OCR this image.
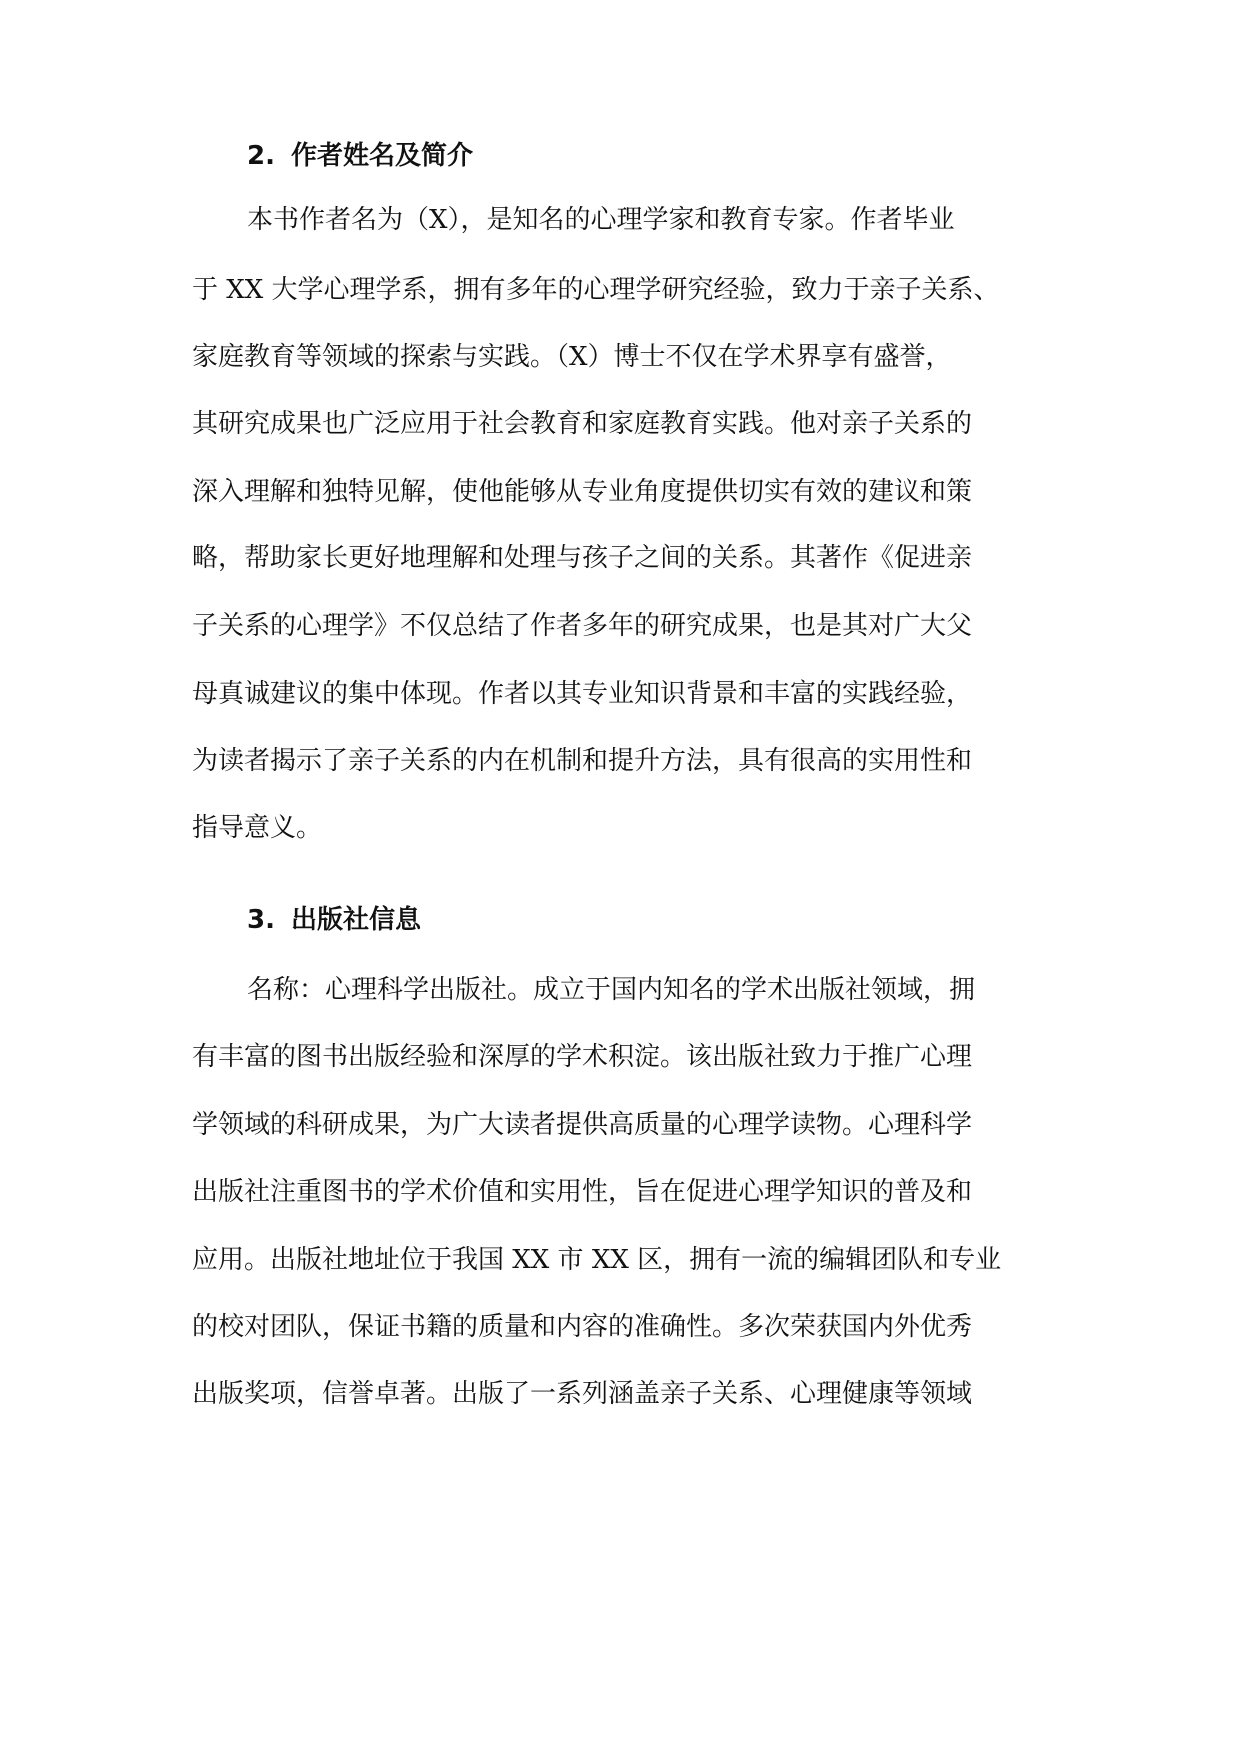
2. 作者姓名及简介
本书作者名为（X），是知名的心理学家和教育专家。作者毕业
于 XX 大学心理学系，拥有多年的心理学研究经验，致力于亲子关系、
家庭教育等领域的探索与实践。（X）博士不仅在学术界享有盛誉，
其研究成果也广泛应用于社会教育和家庭教育实践。他对亲子关系的
深入理解和独特见解，使他能够从专业角度提供切实有效的建议和策
略，帮助家长更好地理解和处理与孩子之间的关系。其著作《促进亲
子关系的心理学》不仅总结了作者多年的研究成果，也是其对广大父
母真诚建议的集中体现。作者以其专业知识背景和丰富的实践经验，
为读者揭示了亲子关系的内在机制和提升方法，具有很高的实用性和
指导意义。
3. 出版社信息
名称：心理科学出版社。成立于国内知名的学术出版社领域，拥
有丰富的图书出版经验和深厚的学术积淀。该出版社致力于推广心理
学领域的科研成果，为广大读者提供高质量的心理学读物。心理科学
出版社注重图书的学术价值和实用性，旨在促进心理学知识的普及和
应用。出版社地址位于我国 XX 市 XX 区，拥有一流的编辑团队和专业
的校对团队，保证书籍的质量和内容的准确性。多次荣获国内外优秀
出版奖项，信誉卓著。出版了一系列涵盖亲子关系、心理健康等领域
